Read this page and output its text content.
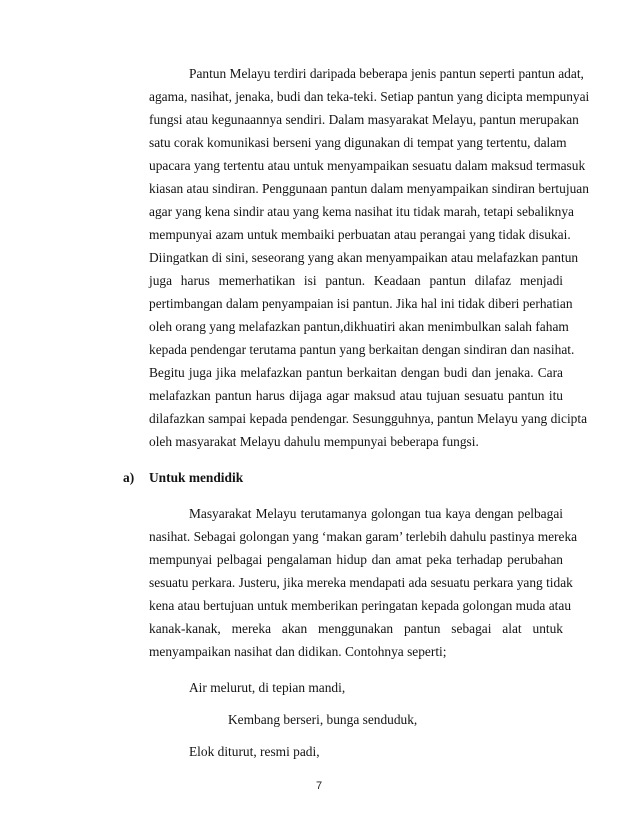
Pantun Melayu terdiri daripada beberapa jenis pantun seperti pantun adat,

agama, nasihat, jenaka, budi dan teka-teki. Setiap pantun yang dicipta mempunyai

fungsi atau kegunaannya sendiri. Dalam masyarakat Melayu, pantun merupakan

satu corak komunikasi berseni yang digunakan di tempat yang tertentu, dalam

upacara yang tertentu atau untuk menyampaikan sesuatu dalam maksud termasuk

kiasan atau sindiran. Penggunaan pantun dalam menyampaikan sindiran bertujuan

agar yang kena sindir atau yang kema nasihat itu tidak marah, tetapi sebaliknya

mempunyai azam untuk membaiki perbuatan atau perangai yang tidak disukai.

Diingatkan di sini, seseorang yang akan menyampaikan atau melafazkan pantun

juga harus memerhatikan isi pantun. Keadaan pantun dilafaz menjadi

pertimbangan dalam penyampaian isi pantun. Jika hal ini tidak diberi perhatian

oleh orang yang melafazkan pantun,dikhuatiri akan menimbulkan salah faham

kepada pendengar terutama pantun yang berkaitan dengan sindiran dan nasihat.

Begitu juga jika melafazkan pantun berkaitan dengan budi dan jenaka. Cara

melafazkan pantun harus dijaga agar maksud atau tujuan sesuatu pantun itu

dilafazkan sampai kepada pendengar. Sesungguhnya, pantun Melayu yang dicipta

oleh masyarakat Melayu dahulu mempunyai beberapa fungsi.

a) Untuk mendidik

Masyarakat Melayu terutamanya golongan tua kaya dengan pelbagai

nasihat. Sebagai golongan yang ‘makan garam’ terlebih dahulu pastinya mereka

mempunyai pelbagai pengalaman hidup dan amat peka terhadap perubahan

sesuatu perkara. Justeru, jika mereka mendapati ada sesuatu perkara yang tidak

kena atau bertujuan untuk memberikan peringatan kepada golongan muda atau

kanak-kanak, mereka akan menggunakan pantun sebagai alat untuk

menyampaikan nasihat dan didikan. Contohnya seperti;

7

Air melurut, di tepian mandi,

Kembang berseri, bunga senduduk,

Elok diturut, resmi padi,
